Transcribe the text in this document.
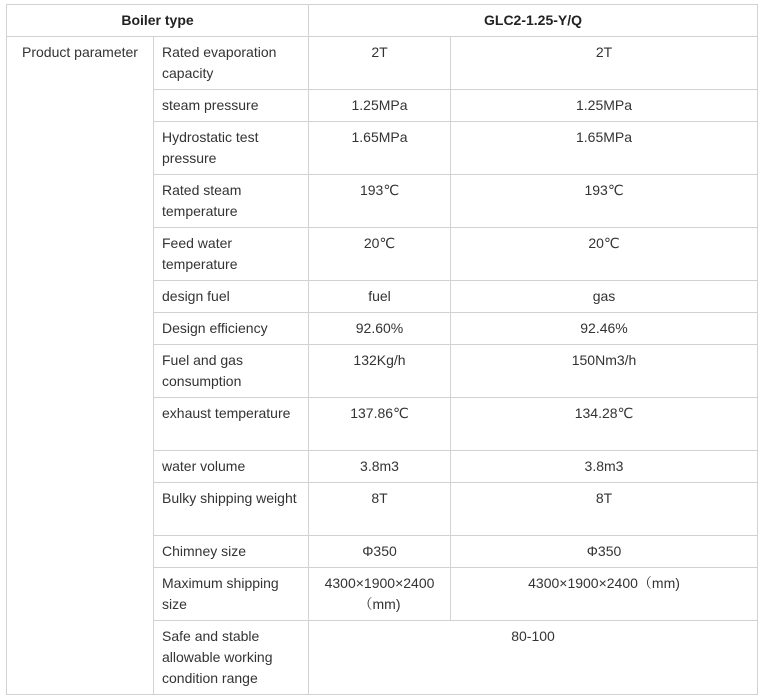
Boiler type		GLC2-1.25-Y/Q	
Product parameter	Rated evaporation capacity	2T	2T
	steam pressure	1.25MPa	1.25MPa
	Hydrostatic test pressure	1.65MPa	1.65MPa
	Rated steam temperature	193℃	193℃
	Feed water temperature	20℃	20℃
	design fuel	fuel	gas
	Design efficiency	92.60%	92.46%
	Fuel and gas consumption	132Kg/h	150Nm3/h
	exhaust temperature	137.86℃	134.28℃
	water volume	3.8m3	3.8m3
	Bulky shipping weight	8T	8T
	Chimney size	Φ350	Φ350
	Maximum shipping size	4300×1900×2400（mm)	4300×1900×2400（mm)
	Safe and stable allowable working condition range	80-100	
